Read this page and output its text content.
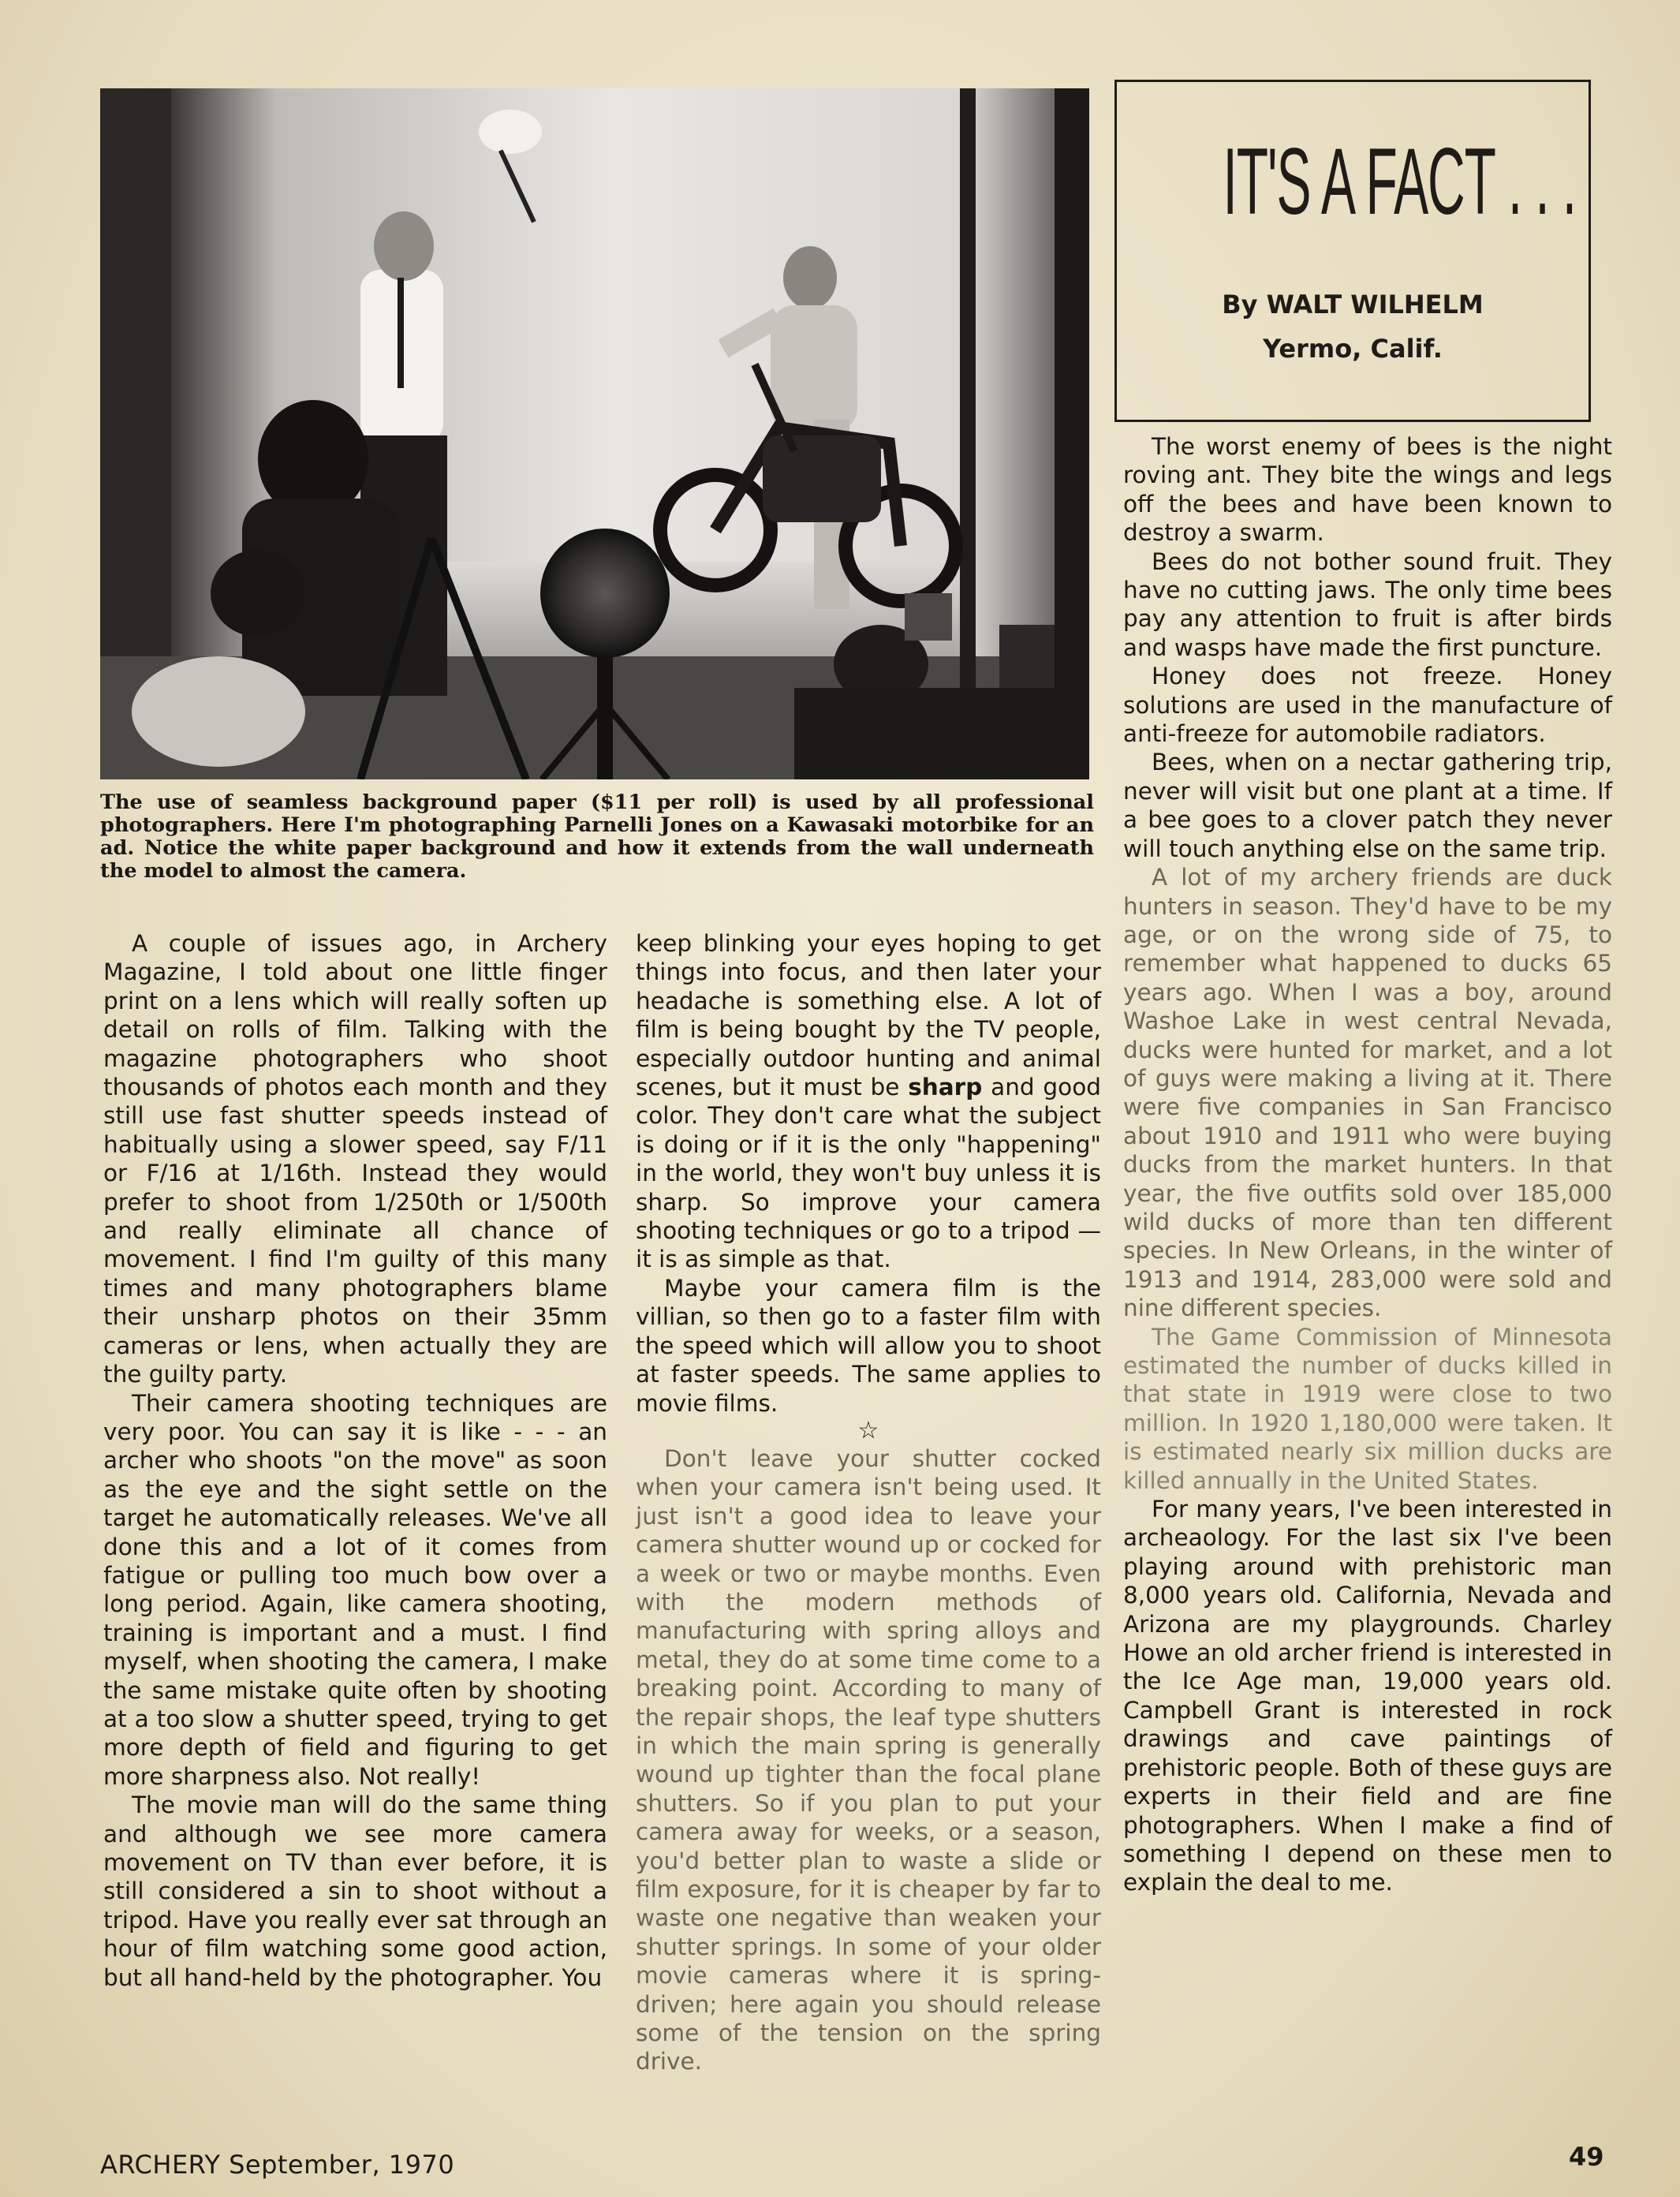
The use of seamless background paper ($11 per roll) is used by all professional photographers. Here I'm photographing Parnelli Jones on a Kawasaki motorbike for an ad. Notice the white paper background and how it extends from the wall underneath the model to almost the camera.
IT'S A FACT . . .
By WALT WILHELM
Yermo, Calif.

A couple of issues ago, in Archery Magazine, I told about one little finger print on a lens which will really soften up detail on rolls of film. Talking with the magazine photographers who shoot thousands of photos each month and they still use fast shutter speeds instead of habitually using a slower speed, say F/11 or F/16 at 1/16th. Instead they would prefer to shoot from 1/250th or 1/500th and really eliminate all chance of movement. I find I'm guilty of this many times and many photographers blame their unsharp photos on their 35mm cameras or lens, when actually they are the guilty party.

Their camera shooting techniques are very poor. You can say it is like - - - an archer who shoots "on the move" as soon as the eye and the sight settle on the target he automatically releases. We've all done this and a lot of it comes from fatigue or pulling too much bow over a long period. Again, like camera shooting, training is important and a must. I find myself, when shooting the camera, I make the same mistake quite often by shooting at a too slow a shutter speed, trying to get more depth of field and figuring to get more sharpness also. Not really!

The movie man will do the same thing and although we see more camera movement on TV than ever before, it is still considered a sin to shoot without a tripod. Have you really ever sat through an hour of film watching some good action, but all hand-held by the photographer. You

keep blinking your eyes hoping to get things into focus, and then later your headache is something else. A lot of film is being bought by the TV people, especially outdoor hunting and animal scenes, but it must be sharp and good color. They don't care what the subject is doing or if it is the only "happening" in the world, they won't buy unless it is sharp. So improve your camera shooting techniques or go to a tripod —it is as simple as that.

Maybe your camera film is the villian, so then go to a faster film with the speed which will allow you to shoot at faster speeds. The same applies to movie films.

☆

Don't leave your shutter cocked when your camera isn't being used. It just isn't a good idea to leave your camera shutter wound up or cocked for a week or two or maybe months. Even with the modern methods of manufacturing with spring alloys and metal, they do at some time come to a breaking point. According to many of the repair shops, the leaf type shutters in which the main spring is generally wound up tighter than the focal plane shutters. So if you plan to put your camera away for weeks, or a season, you'd better plan to waste a slide or film exposure, for it is cheaper by far to waste one negative than weaken your shutter springs. In some of your older movie cameras where it is spring-driven; here again you should release some of the tension on the spring drive.

The worst enemy of bees is the night roving ant. They bite the wings and legs off the bees and have been known to destroy a swarm.

Bees do not bother sound fruit. They have no cutting jaws. The only time bees pay any attention to fruit is after birds and wasps have made the first puncture.

Honey does not freeze. Honey solutions are used in the manufacture of anti-freeze for automobile radiators.

Bees, when on a nectar gathering trip, never will visit but one plant at a time. If a bee goes to a clover patch they never will touch anything else on the same trip.

A lot of my archery friends are duck hunters in season. They'd have to be my age, or on the wrong side of 75, to remember what happened to ducks 65 years ago. When I was a boy, around Washoe Lake in west central Nevada, ducks were hunted for market, and a lot of guys were making a living at it. There were five companies in San Francisco about 1910 and 1911 who were buying ducks from the market hunters. In that year, the five outfits sold over 185,000 wild ducks of more than ten different species. In New Orleans, in the winter of 1913 and 1914, 283,000 were sold and nine different species.

The Game Commission of Minnesota estimated the number of ducks killed in that state in 1919 were close to two million. In 1920 1,180,000 were taken. It is estimated nearly six million ducks are killed annually in the United States.

For many years, I've been interested in archeaology. For the last six I've been playing around with prehistoric man 8,000 years old. California, Nevada and Arizona are my playgrounds. Charley Howe an old archer friend is interested in the Ice Age man, 19,000 years old. Campbell Grant is interested in rock drawings and cave paintings of prehistoric people. Both of these guys are experts in their field and are fine photographers. When I make a find of something I depend on these men to explain the deal to me.

ARCHERY September, 1970	49
